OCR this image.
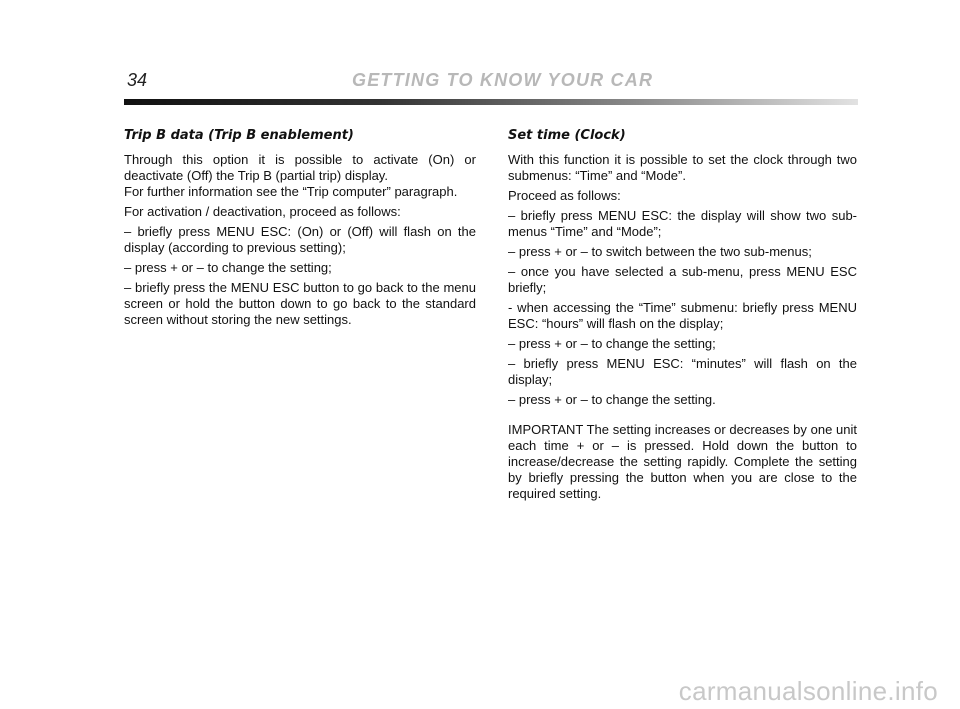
34	GETTING TO KNOW YOUR CAR
Trip B data (Trip B enablement)

Through this option it is possible to activate (On) or deactivate (Off) the Trip B (partial trip) display.

For further information see the “Trip computer” paragraph.

For activation / deactivation, proceed as follows:

– briefly press MENU ESC: (On) or (Off) will flash on the display (according to previous setting);

– press + or – to change the setting;

– briefly press the MENU ESC button to go back to the menu screen or hold the button down to go back to the standard screen without storing the new settings.

Set time (Clock)

With this function it is possible to set the clock through two submenus: “Time” and “Mode”.

Proceed as follows:

– briefly press MENU ESC: the display will show two sub-menus “Time” and “Mode”;

– press + or – to switch between the two sub-menus;

– once you have selected a sub-menu, press MENU ESC briefly;

- when accessing the “Time” submenu: briefly press MENU ESC: “hours” will flash on the display;

– press + or – to change the setting;

– briefly press MENU ESC: “minutes” will flash on the display;

– press + or – to change the setting.

IMPORTANT The setting increases or decreases by one unit each time + or – is pressed. Hold down the button to increase/decrease the setting rapidly. Complete the setting by briefly pressing the button when you are close to the required setting.

carmanualsonline.info
